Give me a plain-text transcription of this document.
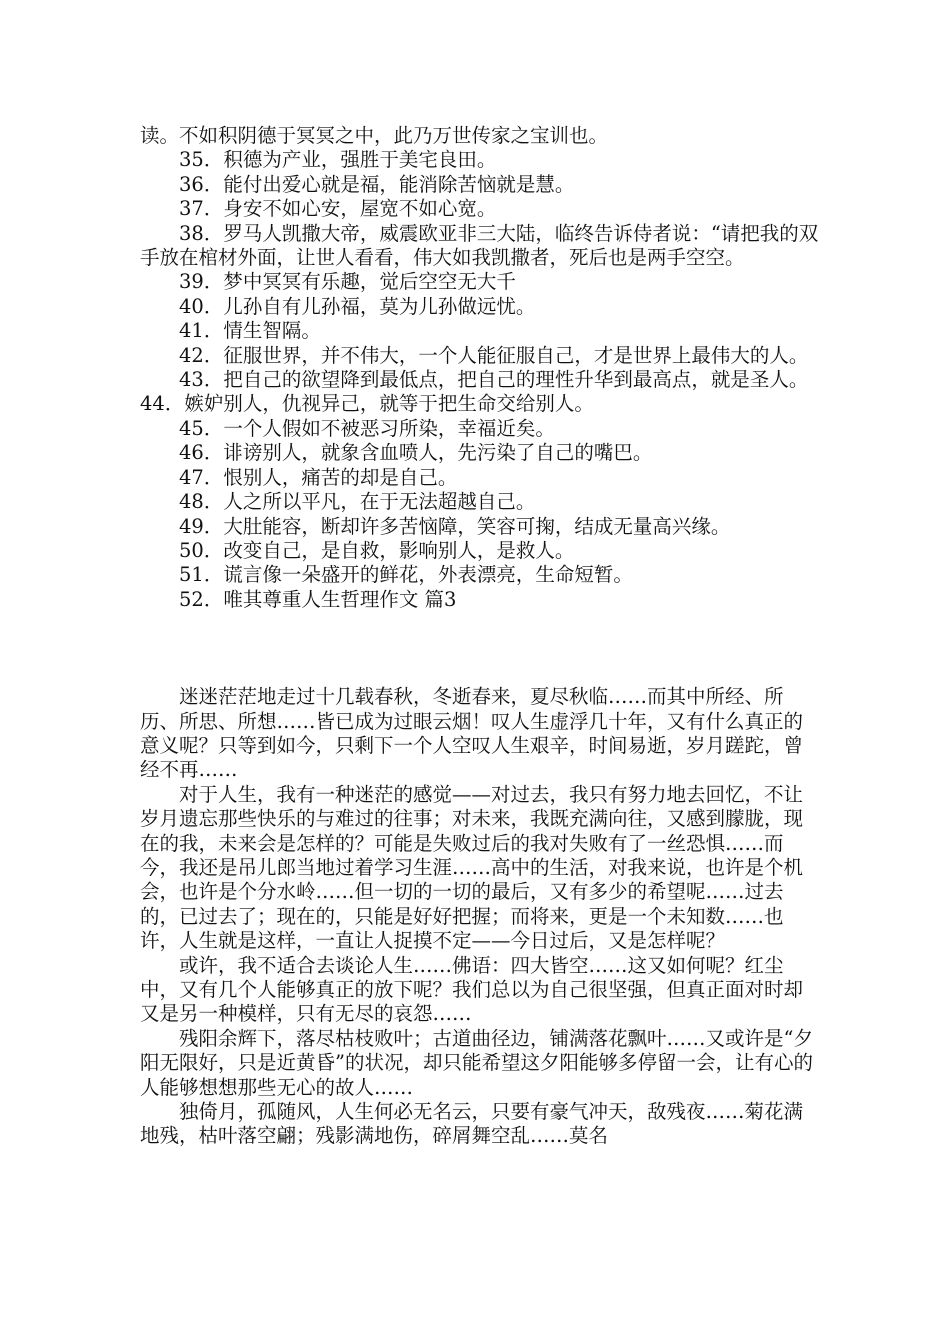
读。不如积阴德于冥冥之中，此乃万世传家之宝训也。

35．积德为产业，强胜于美宅良田。

36．能付出爱心就是福，能消除苦恼就是慧。

37．身安不如心安，屋宽不如心宽。

38．罗马人凯撒大帝，威震欧亚非三大陆，临终告诉侍者说：“请把我的双手放在棺材外面，让世人看看，伟大如我凯撒者，死后也是两手空空。

39．梦中冥冥有乐趣，觉后空空无大千

40．儿孙自有儿孙福，莫为儿孙做远忧。

41．情生智隔。

42．征服世界，并不伟大，一个人能征服自己，才是世界上最伟大的人。

43．把自己的欲望降到最低点，把自己的理性升华到最高点，就是圣人。44．嫉妒别人，仇视异己，就等于把生命交给别人。

45．一个人假如不被恶习所染，幸福近矣。

46．诽谤别人，就象含血喷人，先污染了自己的嘴巴。

47．恨别人，痛苦的却是自己。

48．人之所以平凡，在于无法超越自己。

49．大肚能容，断却许多苦恼障，笑容可掬，结成无量高兴缘。

50．改变自己，是自救，影响别人，是救人。

51．谎言像一朵盛开的鲜花，外表漂亮，生命短暂。

52．唯其尊重人生哲理作文 篇3

迷迷茫茫地走过十几载春秋，冬逝春来，夏尽秋临……而其中所经、所历、所思、所想……皆已成为过眼云烟！叹人生虚浮几十年，又有什么真正的意义呢？只等到如今，只剩下一个人空叹人生艰辛，时间易逝，岁月蹉跎，曾经不再……

对于人生，我有一种迷茫的感觉——对过去，我只有努力地去回忆，不让岁月遗忘那些快乐的与难过的往事；对未来，我既充满向往，又感到朦胧，现在的我，未来会是怎样的？可能是失败过后的我对失败有了一丝恐惧……而今，我还是吊儿郎当地过着学习生涯……高中的生活，对我来说，也许是个机会，也许是个分水岭……但一切的一切的最后，又有多少的希望呢……过去的，已过去了；现在的，只能是好好把握；而将来，更是一个未知数……也许，人生就是这样，一直让人捉摸不定——今日过后，又是怎样呢？

或许，我不适合去谈论人生……佛语：四大皆空……这又如何呢？红尘中，又有几个人能够真正的放下呢？我们总以为自己很坚强，但真正面对时却又是另一种模样，只有无尽的哀怨……

残阳余辉下，落尽枯枝败叶；古道曲径边，铺满落花飘叶……又或许是“夕阳无限好，只是近黄昏”的状况，却只能希望这夕阳能够多停留一会，让有心的人能够想想那些无心的故人……

独倚月，孤随风，人生何必无名云，只要有豪气冲天，敌残夜……菊花满地残，枯叶落空翩；残影满地伤，碎屑舞空乱……莫名
